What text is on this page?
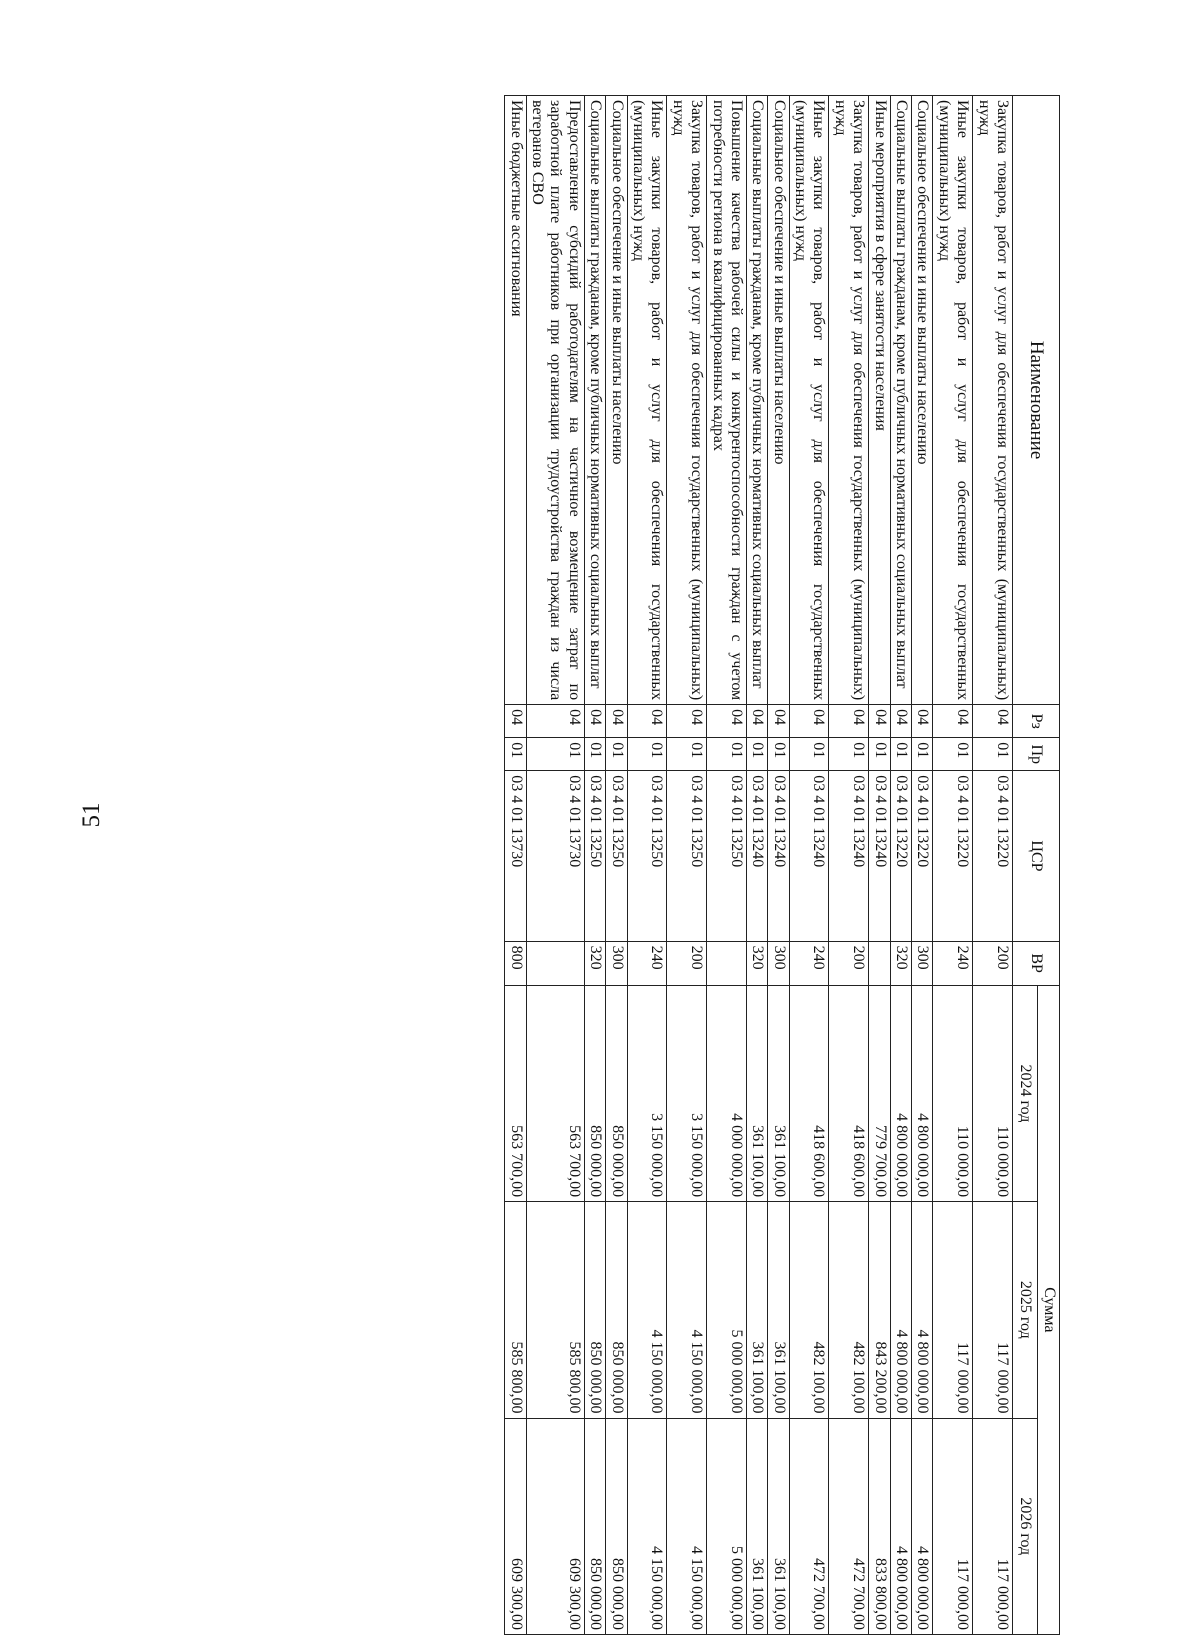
51
Наименование	Рз	Пр	ЦСР	ВР	Сумма		
					2024 год	2025 год	2026 год
Закупка товаров, работ и услуг для обеспечения государственных (муниципальных) нужд	04	01	03 4 01 13220	200	110 000,00	117 000,00	117 000,00
Иные закупки товаров, работ и услуг для обеспечения государственных (муниципальных) нужд	04	01	03 4 01 13220	240	110 000,00	117 000,00	117 000,00
Социальное обеспечение и иные выплаты населению	04	01	03 4 01 13220	300	4 800 000,00	4 800 000,00	4 800 000,00
Социальные выплаты гражданам, кроме публичных нормативных социальных выплат	04	01	03 4 01 13220	320	4 800 000,00	4 800 000,00	4 800 000,00
Иные мероприятия в сфере занятости населения	04	01	03 4 01 13240		779 700,00	843 200,00	833 800,00
Закупка товаров, работ и услуг для обеспечения государственных (муниципальных) нужд	04	01	03 4 01 13240	200	418 600,00	482 100,00	472 700,00
Иные закупки товаров, работ и услуг для обеспечения государственных (муниципальных) нужд	04	01	03 4 01 13240	240	418 600,00	482 100,00	472 700,00
Социальное обеспечение и иные выплаты населению	04	01	03 4 01 13240	300	361 100,00	361 100,00	361 100,00
Социальные выплаты гражданам, кроме публичных нормативных социальных выплат	04	01	03 4 01 13240	320	361 100,00	361 100,00	361 100,00
Повышение качества рабочей силы и конкурентоспособности граждан с учетом потребности региона в квалифицированных кадрах	04	01	03 4 01 13250		4 000 000,00	5 000 000,00	5 000 000,00
Закупка товаров, работ и услуг для обеспечения государственных (муниципальных) нужд	04	01	03 4 01 13250	200	3 150 000,00	4 150 000,00	4 150 000,00
Иные закупки товаров, работ и услуг для обеспечения государственных (муниципальных) нужд	04	01	03 4 01 13250	240	3 150 000,00	4 150 000,00	4 150 000,00
Социальное обеспечение и иные выплаты населению	04	01	03 4 01 13250	300	850 000,00	850 000,00	850 000,00
Социальные выплаты гражданам, кроме публичных нормативных социальных выплат	04	01	03 4 01 13250	320	850 000,00	850 000,00	850 000,00
Предоставление субсидий работодателям на частичное возмещение затрат по заработной плате работников при организации трудоустройства граждан из числа ветеранов СВО	04	01	03 4 01 13730		563 700,00	585 800,00	609 300,00
Иные бюджетные ассигнования	04	01	03 4 01 13730	800	563 700,00	585 800,00	609 300,00
